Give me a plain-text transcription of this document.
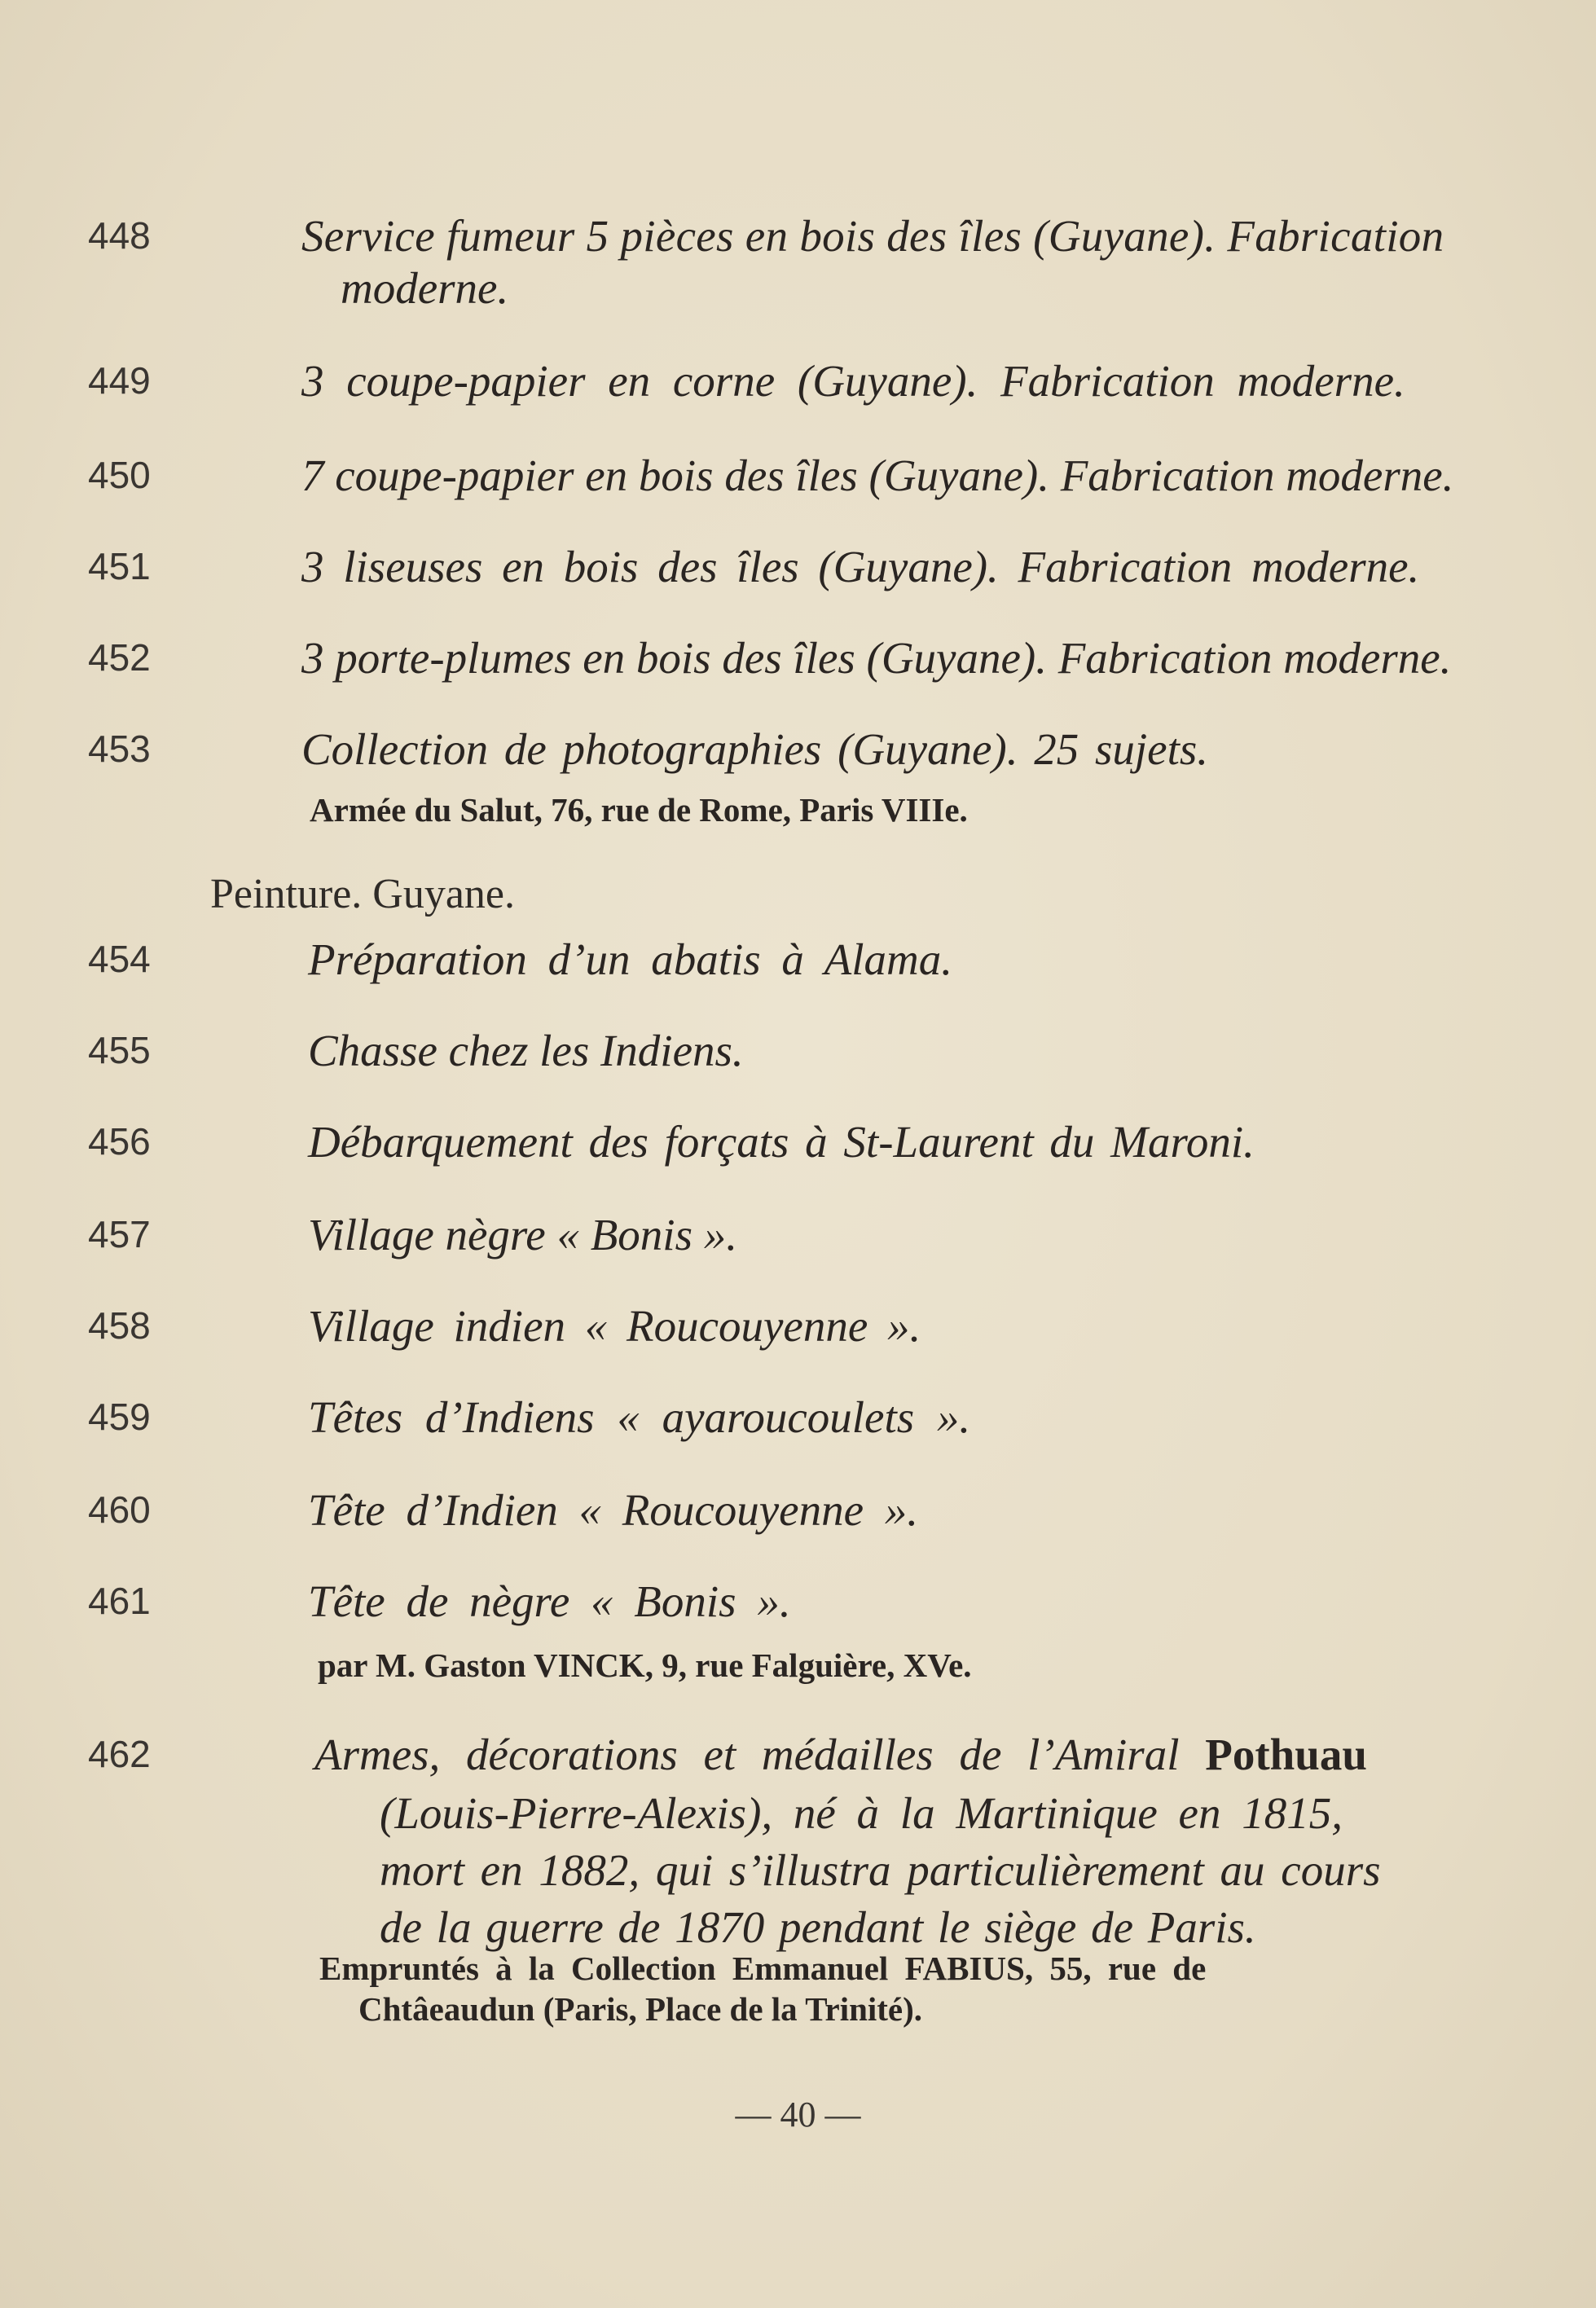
448	Service fumeur 5 pièces en bois des îles (Guyane). Fabrication
moderne.
449	3 coupe-papier en corne (Guyane). Fabrication moderne.
450	7 coupe-papier en bois des îles (Guyane). Fabrication moderne.
451	3 liseuses en bois des îles (Guyane). Fabrication moderne.
452	3 porte-plumes en bois des îles (Guyane). Fabrication moderne.
453	Collection de photographies (Guyane). 25 sujets.
Armée du Salut, 76, rue de Rome, Paris VIIIe.
Peinture. Guyane.
454	Préparation d’un abatis à Alama.
455	Chasse chez les Indiens.
456	Débarquement des forçats à St-Laurent du Maroni.
457	Village nègre « Bonis ».
458	Village indien « Roucouyenne ».
459	Têtes d’Indiens « ayaroucoulets ».
460	Tête d’Indien « Roucouyenne ».
461	Tête de nègre « Bonis ».
par M. Gaston VINCK, 9, rue Falguière, XVe.
462	Armes, décorations et médailles de l’Amiral Pothuau
(Louis-Pierre-Alexis), né à la Martinique en 1815,
mort en 1882, qui s’illustra particulièrement au cours
de la guerre de 1870 pendant le siège de Paris.
Empruntés à la Collection Emmanuel FABIUS, 55, rue de
Chtâeaudun (Paris, Place de la Trinité).
— 40 —
